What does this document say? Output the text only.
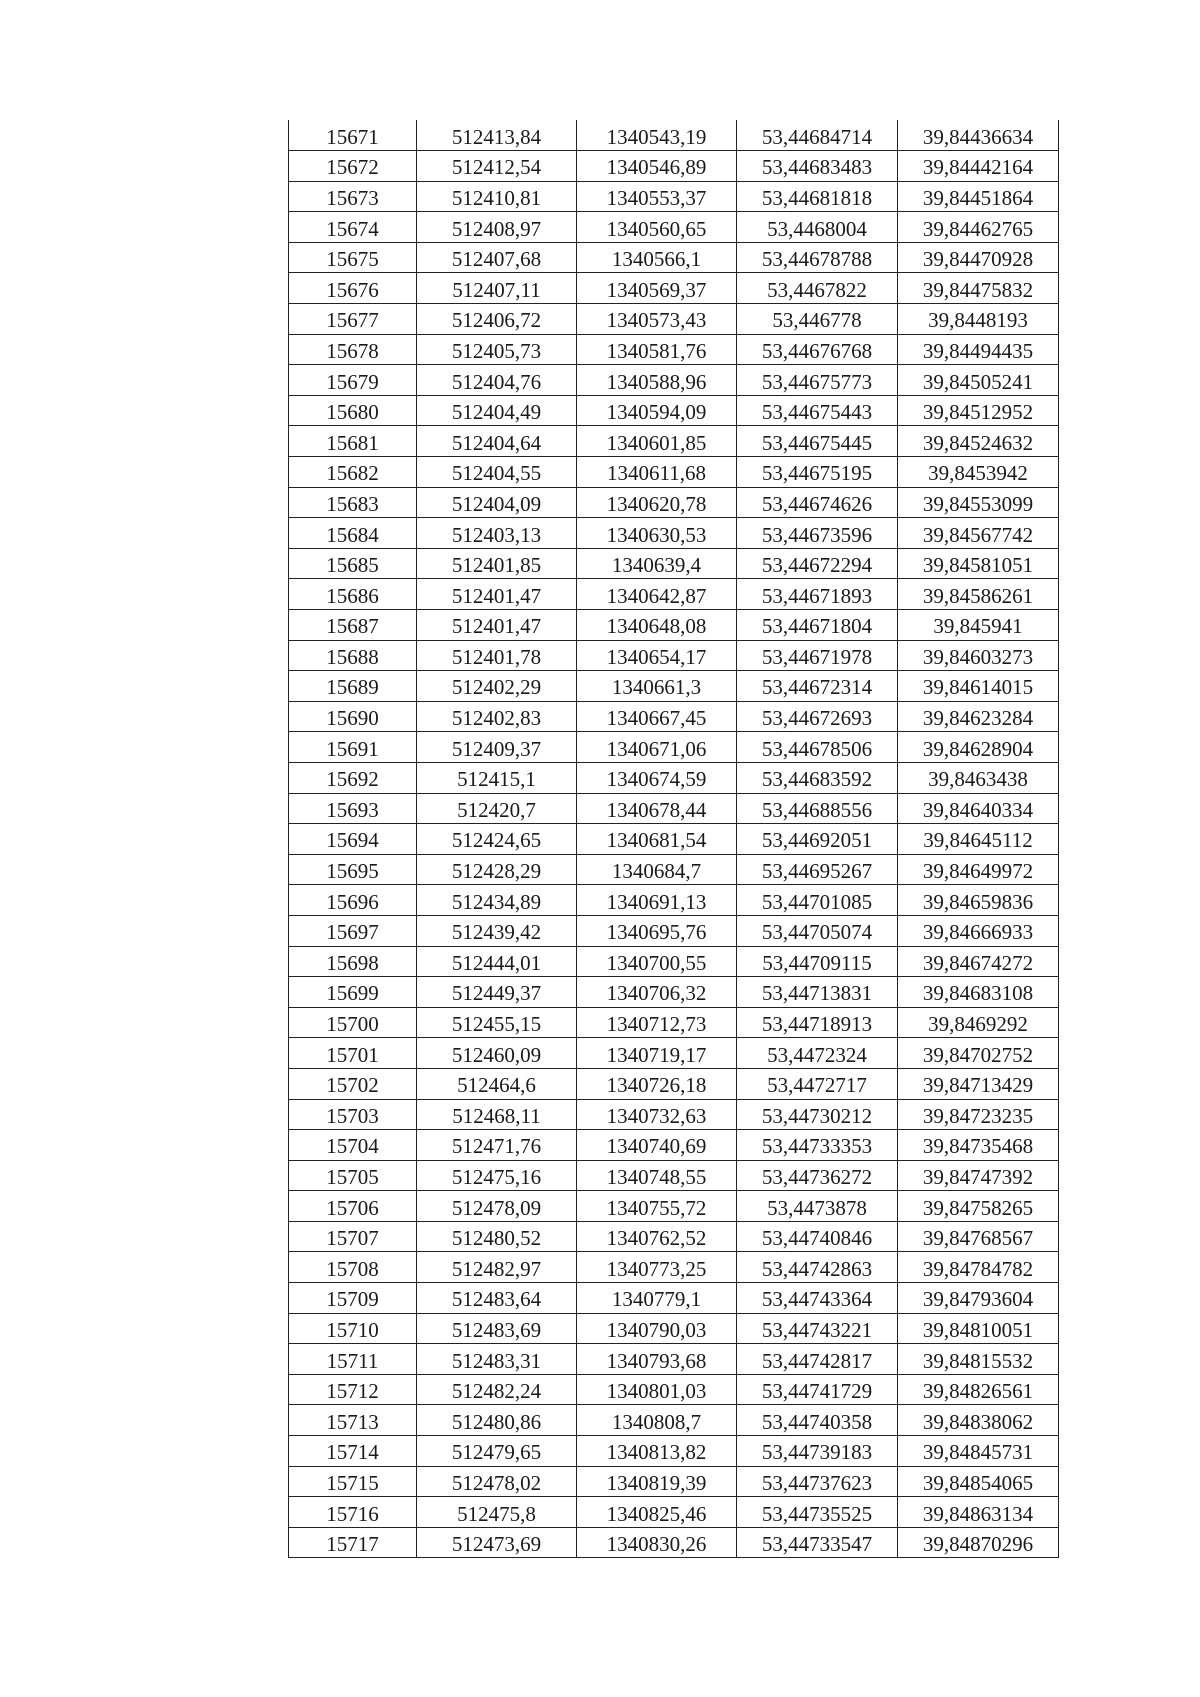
15671	512413,84	1340543,19	53,44684714	39,84436634
15672	512412,54	1340546,89	53,44683483	39,84442164
15673	512410,81	1340553,37	53,44681818	39,84451864
15674	512408,97	1340560,65	53,4468004	39,84462765
15675	512407,68	1340566,1	53,44678788	39,84470928
15676	512407,11	1340569,37	53,4467822	39,84475832
15677	512406,72	1340573,43	53,446778	39,8448193
15678	512405,73	1340581,76	53,44676768	39,84494435
15679	512404,76	1340588,96	53,44675773	39,84505241
15680	512404,49	1340594,09	53,44675443	39,84512952
15681	512404,64	1340601,85	53,44675445	39,84524632
15682	512404,55	1340611,68	53,44675195	39,8453942
15683	512404,09	1340620,78	53,44674626	39,84553099
15684	512403,13	1340630,53	53,44673596	39,84567742
15685	512401,85	1340639,4	53,44672294	39,84581051
15686	512401,47	1340642,87	53,44671893	39,84586261
15687	512401,47	1340648,08	53,44671804	39,845941
15688	512401,78	1340654,17	53,44671978	39,84603273
15689	512402,29	1340661,3	53,44672314	39,84614015
15690	512402,83	1340667,45	53,44672693	39,84623284
15691	512409,37	1340671,06	53,44678506	39,84628904
15692	512415,1	1340674,59	53,44683592	39,8463438
15693	512420,7	1340678,44	53,44688556	39,84640334
15694	512424,65	1340681,54	53,44692051	39,84645112
15695	512428,29	1340684,7	53,44695267	39,84649972
15696	512434,89	1340691,13	53,44701085	39,84659836
15697	512439,42	1340695,76	53,44705074	39,84666933
15698	512444,01	1340700,55	53,44709115	39,84674272
15699	512449,37	1340706,32	53,44713831	39,84683108
15700	512455,15	1340712,73	53,44718913	39,8469292
15701	512460,09	1340719,17	53,4472324	39,84702752
15702	512464,6	1340726,18	53,4472717	39,84713429
15703	512468,11	1340732,63	53,44730212	39,84723235
15704	512471,76	1340740,69	53,44733353	39,84735468
15705	512475,16	1340748,55	53,44736272	39,84747392
15706	512478,09	1340755,72	53,4473878	39,84758265
15707	512480,52	1340762,52	53,44740846	39,84768567
15708	512482,97	1340773,25	53,44742863	39,84784782
15709	512483,64	1340779,1	53,44743364	39,84793604
15710	512483,69	1340790,03	53,44743221	39,84810051
15711	512483,31	1340793,68	53,44742817	39,84815532
15712	512482,24	1340801,03	53,44741729	39,84826561
15713	512480,86	1340808,7	53,44740358	39,84838062
15714	512479,65	1340813,82	53,44739183	39,84845731
15715	512478,02	1340819,39	53,44737623	39,84854065
15716	512475,8	1340825,46	53,44735525	39,84863134
15717	512473,69	1340830,26	53,44733547	39,84870296
